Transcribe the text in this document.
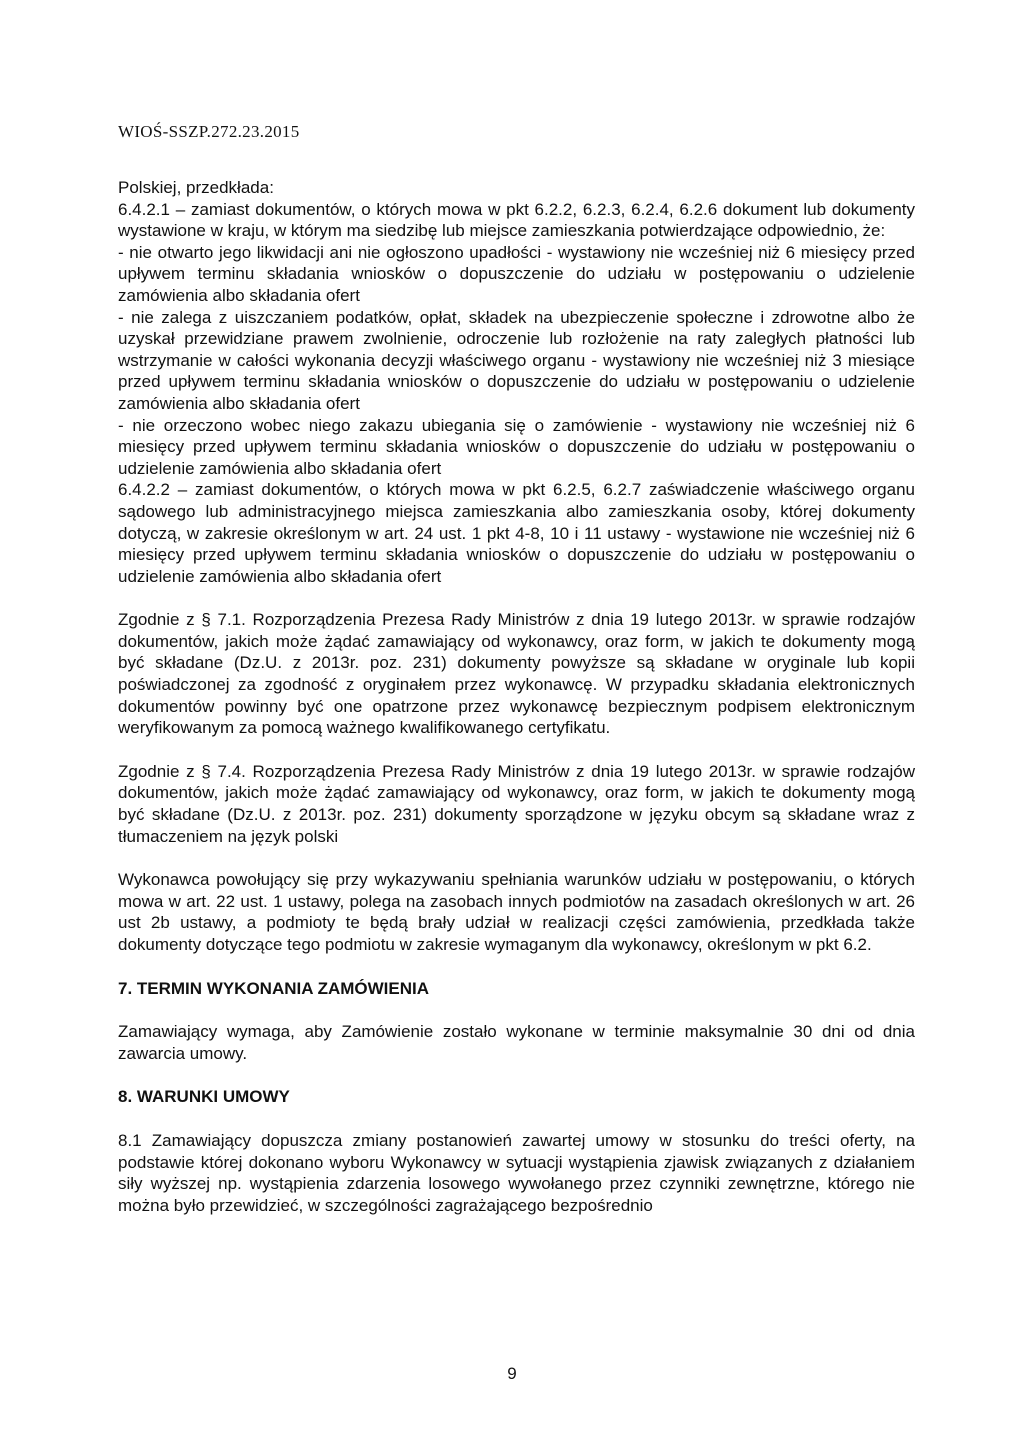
WIOŚ-SSZP.272.23.2015

Polskiej, przedkłada:

6.4.2.1 – zamiast dokumentów, o których mowa w pkt 6.2.2, 6.2.3, 6.2.4, 6.2.6 dokument lub dokumenty wystawione w kraju, w którym ma siedzibę lub miejsce zamieszkania potwierdzające odpowiednio, że:

- nie otwarto jego likwidacji ani nie ogłoszono upadłości - wystawiony nie wcześniej niż 6 miesięcy przed upływem terminu składania wniosków o dopuszczenie do udziału w postępowaniu o udzielenie zamówienia albo składania ofert

- nie zalega z uiszczaniem podatków, opłat, składek na ubezpieczenie społeczne i zdrowotne albo że uzyskał przewidziane prawem zwolnienie, odroczenie lub rozłożenie na raty zaległych płatności lub wstrzymanie w całości wykonania decyzji właściwego organu - wystawiony nie wcześniej niż 3 miesiące przed upływem terminu składania wniosków o dopuszczenie do udziału w postępowaniu o udzielenie zamówienia albo składania ofert

- nie orzeczono wobec niego zakazu ubiegania się o zamówienie - wystawiony nie wcześniej niż 6 miesięcy przed upływem terminu składania wniosków o dopuszczenie do udziału w postępowaniu o udzielenie zamówienia albo składania ofert

6.4.2.2 – zamiast dokumentów, o których mowa w pkt 6.2.5, 6.2.7 zaświadczenie właściwego organu sądowego lub administracyjnego miejsca zamieszkania albo zamieszkania osoby, której dokumenty dotyczą, w zakresie określonym w art. 24 ust. 1 pkt 4-8, 10 i 11 ustawy - wystawione nie wcześniej niż 6 miesięcy przed upływem terminu składania wniosków o dopuszczenie do udziału w postępowaniu o udzielenie zamówienia albo składania ofert

Zgodnie z § 7.1. Rozporządzenia Prezesa Rady Ministrów z dnia 19 lutego 2013r. w sprawie rodzajów dokumentów, jakich może żądać zamawiający od wykonawcy, oraz form, w jakich te dokumenty mogą być składane (Dz.U. z 2013r. poz. 231) dokumenty powyższe są składane w oryginale lub kopii poświadczonej za zgodność z oryginałem przez wykonawcę. W przypadku składania elektronicznych dokumentów powinny być one opatrzone przez wykonawcę bezpiecznym podpisem elektronicznym weryfikowanym za pomocą ważnego kwalifikowanego certyfikatu.

Zgodnie z § 7.4. Rozporządzenia Prezesa Rady Ministrów z dnia 19 lutego 2013r. w sprawie rodzajów dokumentów, jakich może żądać zamawiający od wykonawcy, oraz form, w jakich te dokumenty mogą być składane (Dz.U. z 2013r. poz. 231) dokumenty sporządzone w języku obcym są składane wraz z tłumaczeniem na język polski

Wykonawca powołujący się przy wykazywaniu spełniania warunków udziału w postępowaniu, o których mowa w art. 22 ust. 1 ustawy, polega na zasobach innych podmiotów na zasadach określonych w art. 26 ust 2b ustawy, a podmioty te będą brały udział w realizacji części zamówienia, przedkłada także dokumenty dotyczące tego podmiotu w zakresie wymaganym dla wykonawcy, określonym w pkt 6.2.

7. TERMIN WYKONANIA ZAMÓWIENIA

Zamawiający wymaga, aby Zamówienie zostało wykonane w terminie maksymalnie 30 dni od dnia zawarcia umowy.

8. WARUNKI UMOWY

8.1 Zamawiający dopuszcza zmiany postanowień zawartej umowy w stosunku do treści oferty, na podstawie której dokonano wyboru Wykonawcy w sytuacji wystąpienia zjawisk związanych z działaniem siły wyższej np. wystąpienia zdarzenia losowego wywołanego przez czynniki zewnętrzne, którego nie można było przewidzieć, w szczególności zagrażającego bezpośrednio

9
